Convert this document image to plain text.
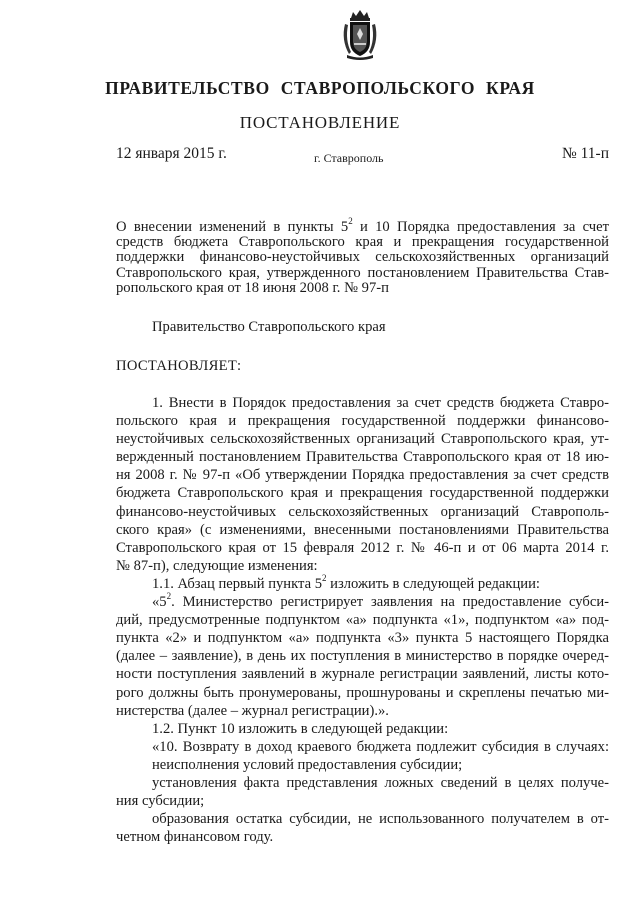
ПРАВИТЕЛЬСТВО СТАВРОПОЛЬСКОГО КРАЯ
ПОСТАНОВЛЕНИЕ
12 января 2015 г.	г. Ставрополь	№ 11-п
О внесении изменений в пункты $5^2$ и 10 Порядка предоставления за счет
средств бюджета Ставропольского края и прекращения государственной
поддержки финансово-неустойчивых сельскохозяйственных организаций
Ставропольского края, утвержденного постановлением Правительства Став-
ропольского края от 18 июня 2008 г. № 97-п
Правительство Ставропольского края
ПОСТАНОВЛЯЕТ:
1. Внести в Порядок предоставления за счет средств бюджета Ставро-
польского края и прекращения государственной поддержки финансово-
неустойчивых сельскохозяйственных организаций Ставропольского края, ут-
вержденный постановлением Правительства Ставропольского края от 18 ию-
ня 2008 г. № 97-п «Об утверждении Порядка предоставления за счет средств
бюджета Ставропольского края и прекращения государственной поддержки
финансово-неустойчивых сельскохозяйственных организаций Ставрополь-
ского края» (с изменениями, внесенными постановлениями Правительства
Ставропольского края от 15 февраля 2012 г. № 46-п и от 06 марта 2014 г.
№ 87-п), следующие изменения:
1.1. Абзац первый пункта $5^2$ изложить в следующей редакции:
«$5^2$. Министерство регистрирует заявления на предоставление субси-
дий, предусмотренные подпунктом «а» подпункта «1», подпунктом «а» под-
пункта «2» и подпунктом «а» подпункта «3» пункта 5 настоящего Порядка
(далее – заявление), в день их поступления в министерство в порядке очеред-
ности поступления заявлений в журнале регистрации заявлений, листы кото-
рого должны быть пронумерованы, прошнурованы и скреплены печатью ми-
нистерства (далее – журнал регистрации).».
1.2. Пункт 10 изложить в следующей редакции:
«10. Возврату в доход краевого бюджета подлежит субсидия в случаях:
неисполнения условий предоставления субсидии;
установления факта представления ложных сведений в целях получе-
ния субсидии;
образования остатка субсидии, не использованного получателем в от-
четном финансовом году.
